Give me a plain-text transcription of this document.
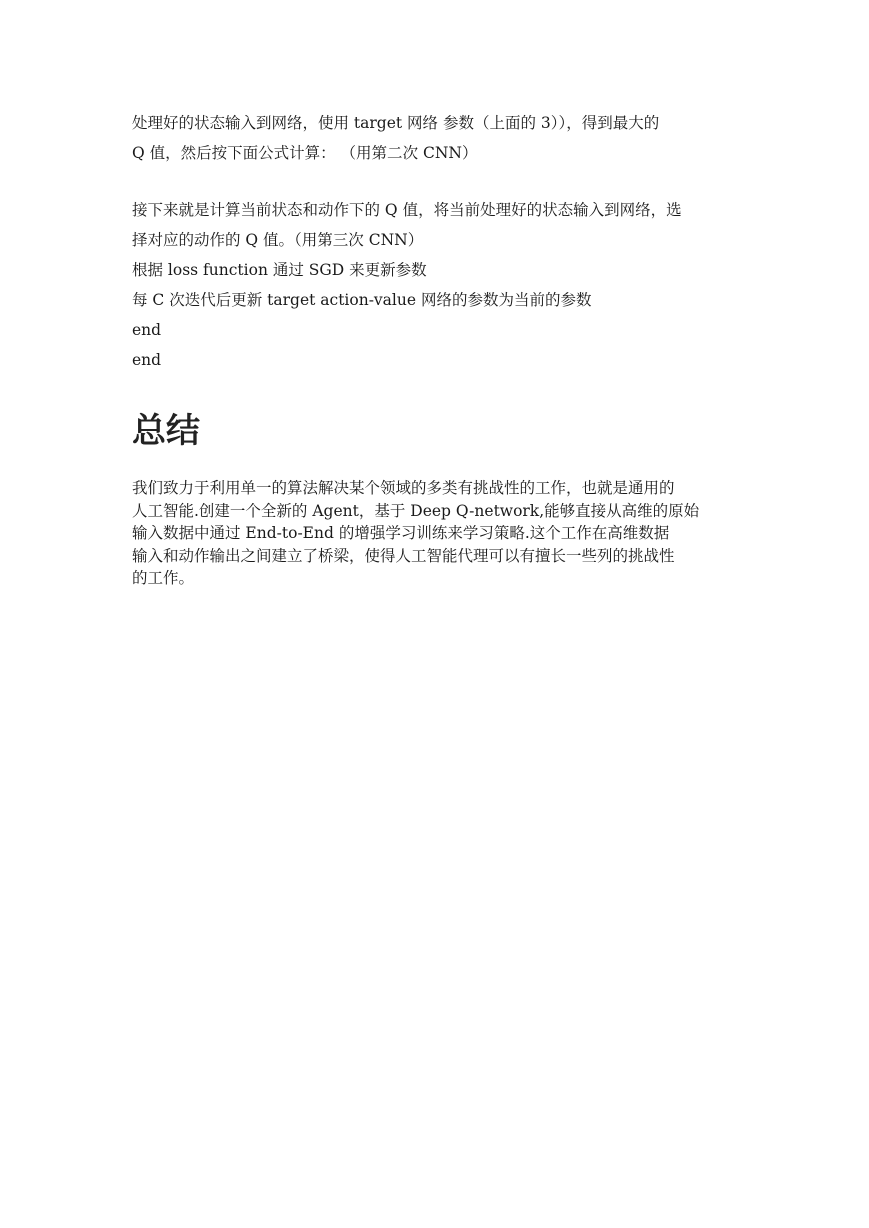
处理好的状态输入到网络，使用 target 网络 参数（上面的 3）），得到最大的

Q 值，然后按下面公式计算： （用第二次 CNN）

接下来就是计算当前状态和动作下的 Q 值，将当前处理好的状态输入到网络，选

择对应的动作的 Q 值。（用第三次 CNN）

根据 loss function 通过 SGD 来更新参数

每 C 次迭代后更新 target action-value 网络的参数为当前的参数

end

end

总结

我们致力于利用单一的算法解决某个领域的多类有挑战性的工作，也就是通用的
人工智能.创建一个全新的 Agent，基于 Deep Q-network,能够直接从高维的原始
输入数据中通过 End-to-End 的增强学习训练来学习策略.这个工作在高维数据
输入和动作输出之间建立了桥梁，使得人工智能代理可以有擅长一些列的挑战性
的工作。
